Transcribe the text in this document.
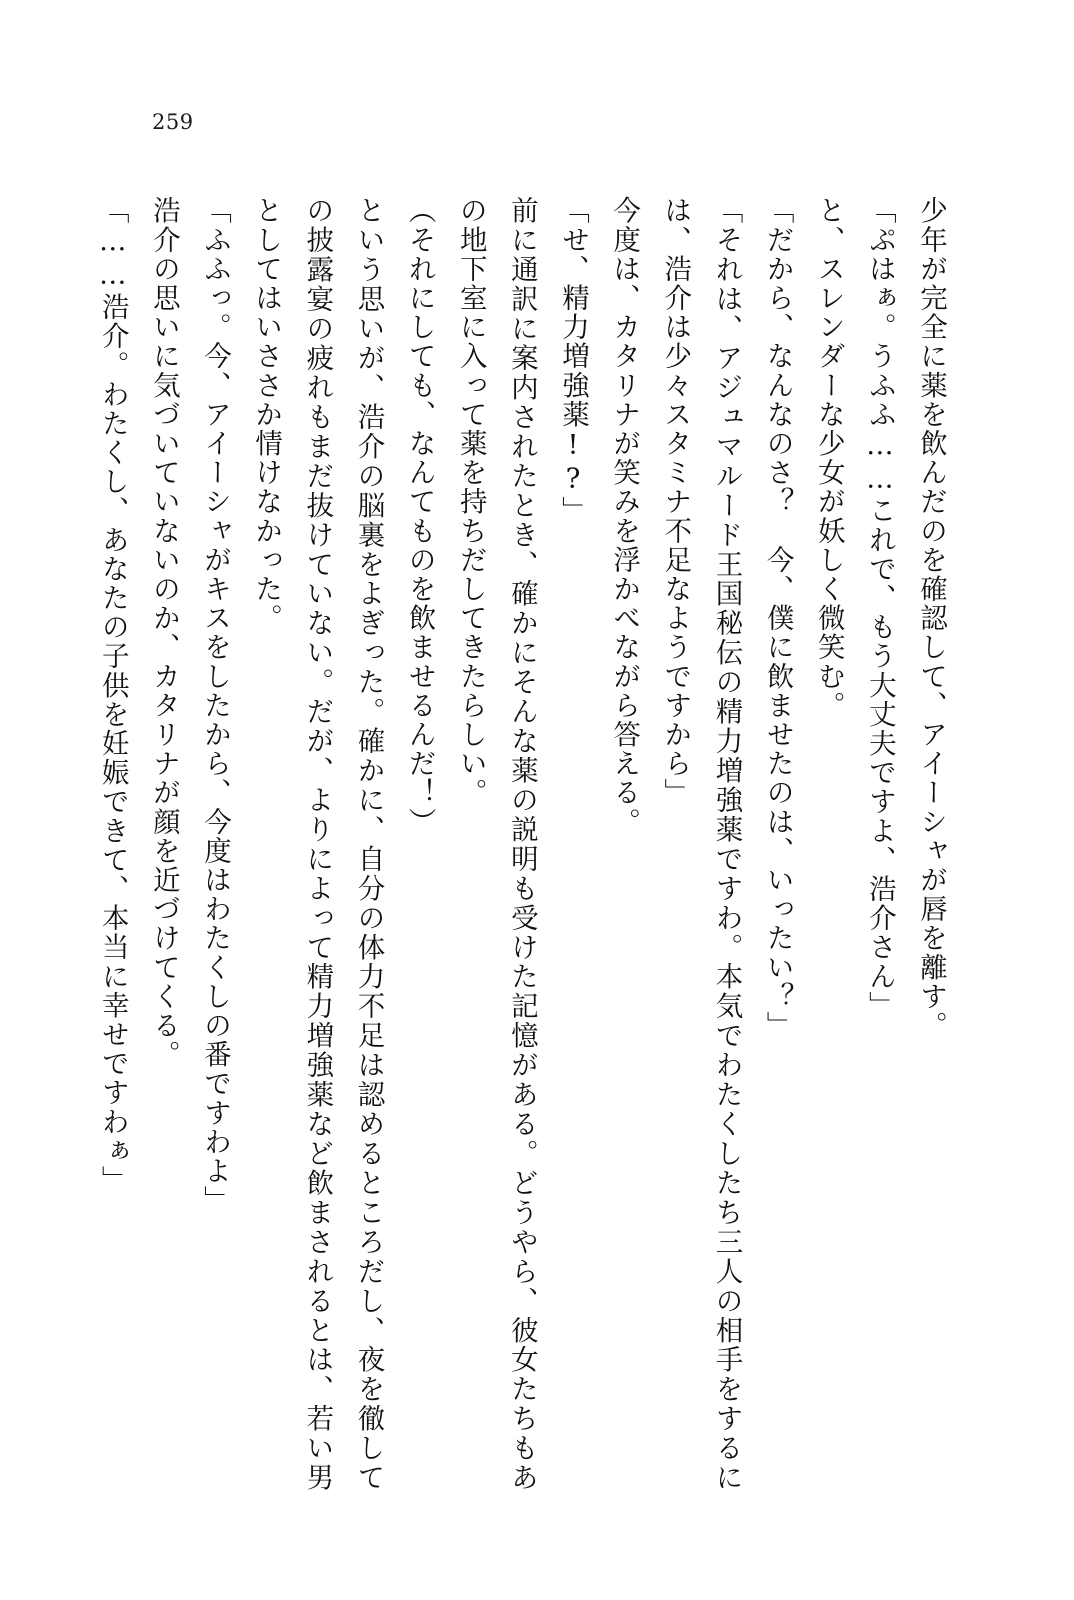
259

少年が完全に薬を飲んだのを確認して、アイーシャが唇を離す。

「ぷはぁ。うふふ……これで、もう大丈夫ですよ、浩介さん」

と、スレンダーな少女が妖しく微笑む。

「だから、なんなのさ？　今、僕に飲ませたのは、いったい？」

「それは、アジュマルード王国秘伝の精力増強薬ですわ。本気でわたくしたち三人の相手をするには、浩介は少々スタミナ不足なようですから」

今度は、カタリナが笑みを浮かべながら答える。

「せ、精力増強薬!?」

前に通訳に案内されたとき、確かにそんな薬の説明も受けた記憶がある。どうやら、彼女たちもあの地下室に入って薬を持ちだしてきたらしい。

（それにしても、なんてものを飲ませるんだ！）

という思いが、浩介の脳裏をよぎった。確かに、自分の体力不足は認めるところだし、夜を徹しての披露宴の疲れもまだ抜けていない。だが、よりによって精力増強薬など飲まされるとは、若い男としてはいささか情けなかった。

「ふふっ。今、アイーシャがキスをしたから、今度はわたくしの番ですわよ」

浩介の思いに気づいていないのか、カタリナが顔を近づけてくる。

「……浩介。わたくし、あなたの子供を妊娠できて、本当に幸せですわぁ」
